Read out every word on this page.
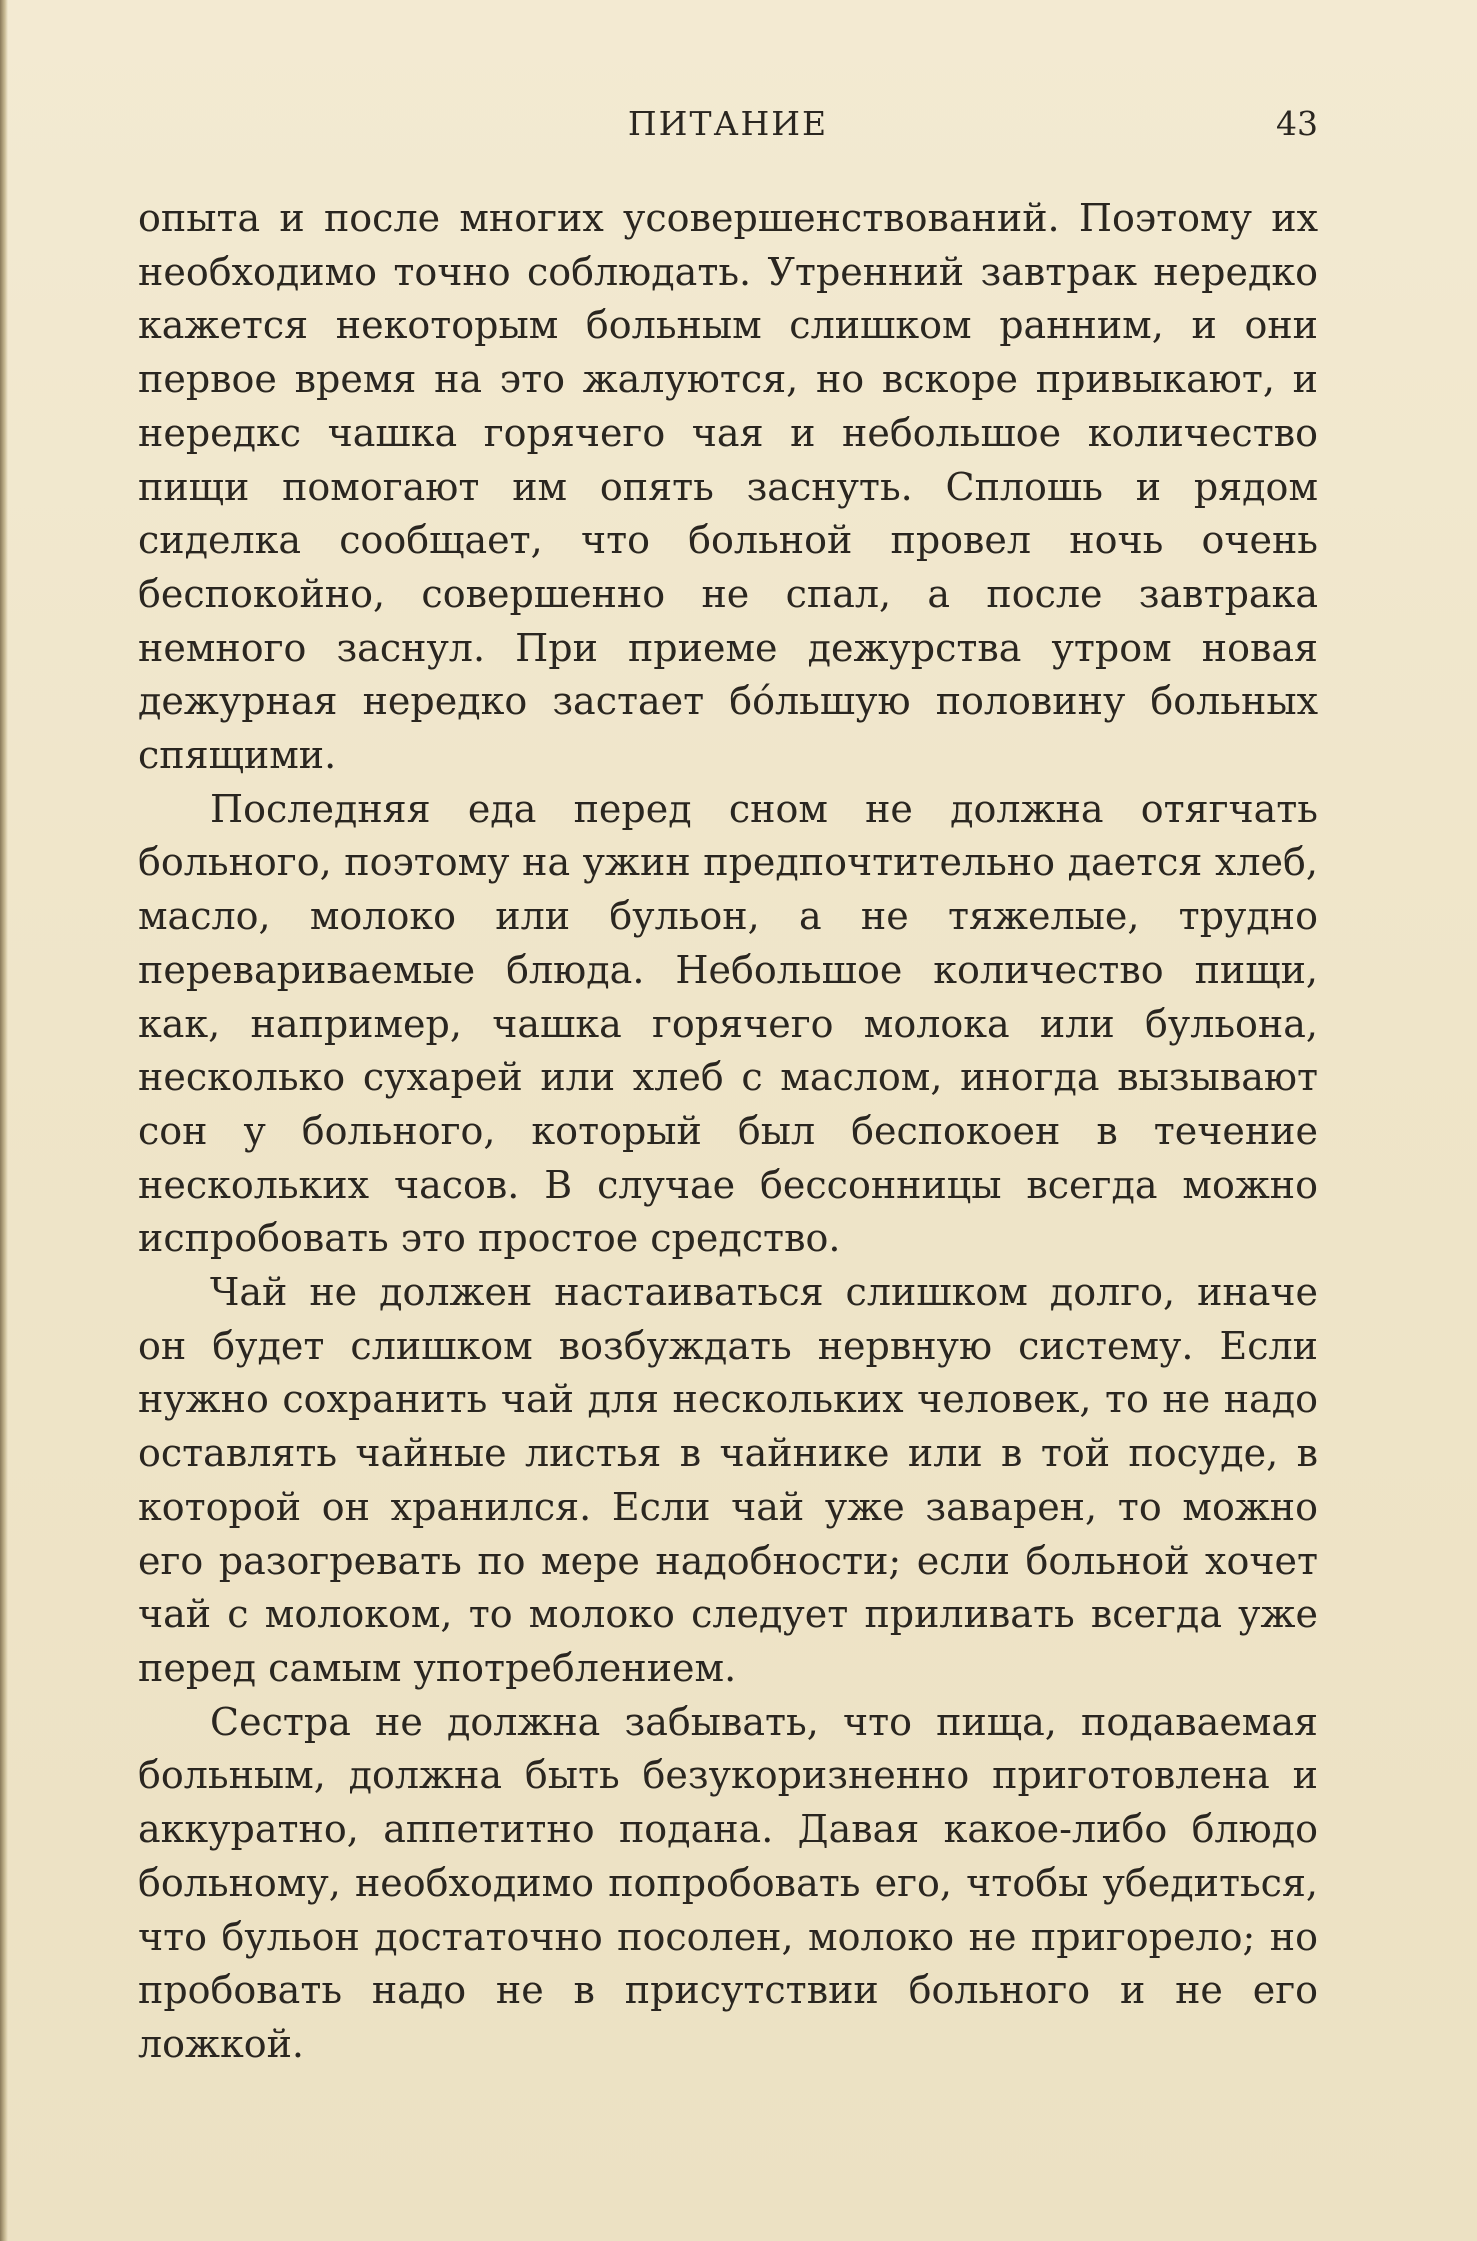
ПИТАНИЕ	43

опыта и после многих усовершенствований. Поэтому их необходимо точно соблюдать. Утренний завтрак нередко кажется некоторым больным слишком ранним, и они первое время на это жалуются, но вскоре привыкают, и нередкс чашка горячего чая и небольшое количество пищи помогают им опять заснуть. Сплошь и рядом сиделка сообщает, что больной провел ночь очень беспокойно, совершенно не спал, а после завтрака немного заснул. При приеме дежурства утром новая дежурная нередко застает бо́льшую половину больных спящими.

Последняя еда перед сном не должна отягчать больного, поэтому на ужин предпочтительно дается хлеб, масло, молоко или бульон, а не тяжелые, трудно перевариваемые блюда. Небольшое количество пищи, как, например, чашка горячего молока или бульона, несколько сухарей или хлеб с маслом, иногда вызывают сон у больного, который был беспокоен в течение нескольких часов. В случае бессонницы всегда можно испробовать это простое средство.

Чай не должен настаиваться слишком долго, иначе он будет слишком возбуждать нервную систему. Если нужно сохранить чай для нескольких человек, то не надо оставлять чайные листья в чайнике или в той посуде, в которой он хранился. Если чай уже заварен, то можно его разогревать по мере надобности; если больной хочет чай с молоком, то молоко следует приливать всегда уже перед самым употреблением.

Сестра не должна забывать, что пища, подаваемая больным, должна быть безукоризненно приготовлена и аккуратно, аппетитно подана. Давая какое-либо блюдо больному, необходимо попробовать его, чтобы убедиться, что бульон достаточно посолен, молоко не пригорело; но пробовать надо не в присутствии больного и не его ложкой.
